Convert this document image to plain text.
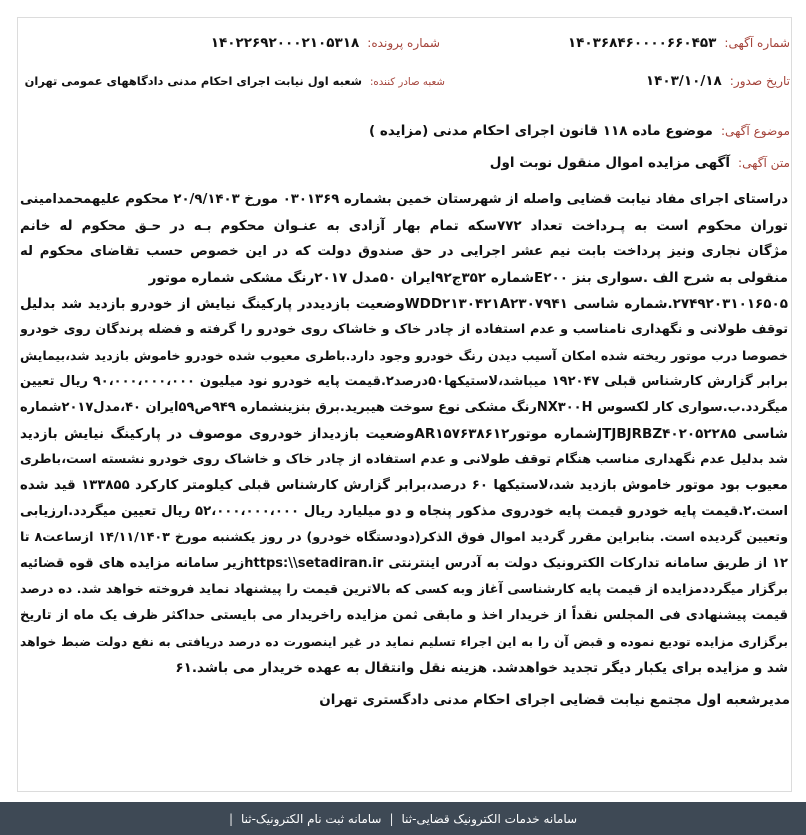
شماره آگهی:
۱۴۰۳۶۸۴۶۰۰۰۰۶۶۰۴۵۳
شماره پرونده:
۱۴۰۲۲۶۹۲۰۰۰۲۱۰۵۳۱۸
تاریخ صدور:
۱۴۰۳/۱۰/۱۸
شعبه صادر کننده:
شعبه اول نیابت اجرای احکام مدنی دادگاههای عمومی تهران
موضوع آگهی:
موضوع ماده ۱۱۸ قانون اجرای احکام مدنی (مزایده )
متن آگهی:
آگهی مزایده اموال منقول نوبت اول
دراستای اجرای مفاد نیابت قضایی واصله از شهرستان خمین بشماره ۰۳۰۱۳۶۹ مورخ ۲۰/۹/۱۴۰۳ محکوم علیهمحمدامینی
توران محکوم است به پـرداخت تعداد ۷۷۲سکه تمام بهار آزادی به عنـوان محکوم بـه در حـق محکوم له خانم
مژگان نجاری ونیز پرداخت بابت نیم عشر اجرایی در حق صندوق دولت که در این خصوص حسب تقاضای محکوم له
منقولی به شرح الف .سواری بنز E۲۰۰شماره ۳۵۲ج۹۲ایران ۵۰مدل ۲۰۱۷رنگ مشکی شماره موتور
۲۷۴۹۲۰۳۱۰۱۶۵۰۵.شماره شاسی WDD۲۱۳۰۴۲۱A۲۳۰۷۹۴۱وضعیت بازدیددر پارکینگ نیایش از خودرو بازدید شد بدلیل
توقف طولانی و نگهداری نامناسب و عدم استفاده از چادر خاک و خاشاک روی خودرو را گرفته و فضله پرندگان روی خودرو
خصوصا درب موتور ریخته شده امکان آسیب دیدن رنگ خودرو وجود دارد.باطری معیوب شده خودرو خاموش بازدید شد،بیمایش
برابر گزارش کارشناس قبلی ۱۹۲۰۴۷ میباشد،لاستیکها۵۰درصد۲.قیمت پایه خودرو نود میلیون ۹۰،۰۰۰،۰۰۰،۰۰۰ ریال تعیین
میگردد.ب.سواری کار لکسوس NX۳۰۰Hرنگ مشکی نوع سوخت هیبرید.برق بنزینشماره ۹۴۹ص۵۹ایران ۴۰،مدل۲۰۱۷شماره
شاسی JTJBJRBZ۴۰۲۰۵۲۲۸۵شماره موتورAR۱۵۷۶۳۸۶۱۲وضعیت بازدیداز خودروی موصوف در پارکینگ نیایش بازدید
شد بدلیل عدم نگهداری مناسب هنگام توقف طولانی و عدم استفاده از چادر خاک و خاشاک روی خودرو نشسته است،باطری
معیوب بود موتور خاموش بازدید شد،لاستیکها ۶۰ درصد،برابر گزارش کارشناس قبلی کیلومتر کارکرد ۱۳۳۸۵۵ قید شده
است.۲.قیمت پایه خودرو قیمت پایه خودروی مذکور پنجاه و دو میلیارد ریال ۵۲،۰۰۰،۰۰۰،۰۰۰ ریال تعیین میگردد.ارزیابی
وتعیین گردیده است. بنابراین مقرر گردید اموال فوق الذکر(دودستگاه خودرو) در روز یکشنبه مورخ ۱۴/۱۱/۱۴۰۳ ازساعت۸ تا
۱۲ از طریق سامانه تدارکات الکترونیک دولت به آدرس اینترنتی https:\\setadiran.irزیر سامانه مزایده های قوه قضائیه
برگزار میگرددمزایده از قیمت پایه کارشناسی آغاز وبه کسی که بالاترین قیمت را پیشنهاد نماید فروخته خواهد شد. ده درصد
قیمت پیشنهادی فی المجلس نقداً از خریدار اخذ و مابقی ثمن مزایده راخریدار می بایستی حداکثر ظرف یک ماه از تاریخ
برگزاری مزایده تودیع نموده و قبض آن را به این اجراء تسلیم نماید در غیر اینصورت ده درصد دریافتی به نفع دولت ضبط خواهد
شد و مزایده برای یکبار دیگر تجدید خواهدشد. هزینه نقل وانتقال به عهده خریدار می باشد.۶۱
مدیرشعبه اول مجتمع نیابت قضایی اجرای احکام مدنی دادگستری تهران
سامانه خدمات الکترونیک قضایی-ثنا
|
سامانه ثبت نام الکترونیک-ثنا
|
